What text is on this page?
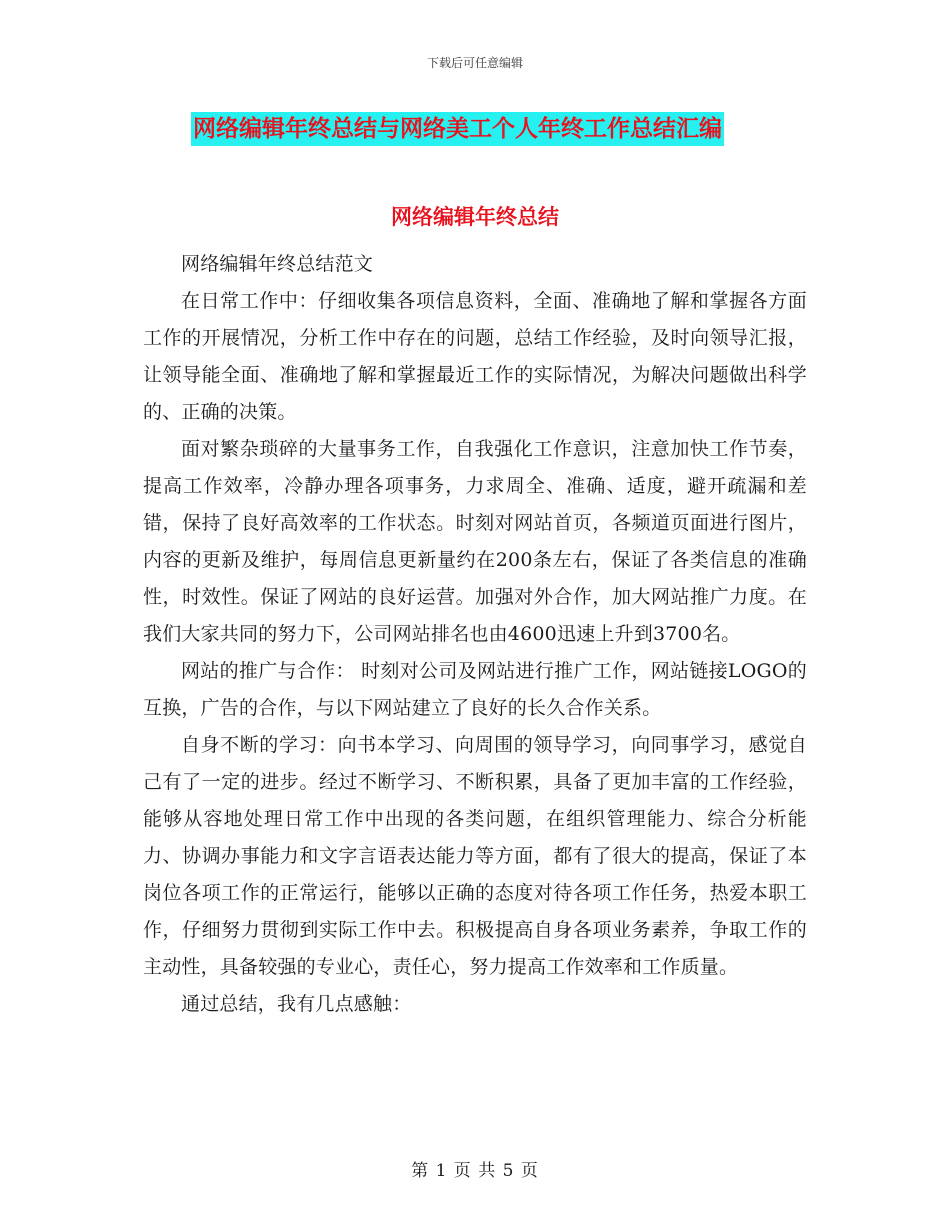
下载后可任意编辑
网络编辑年终总结与网络美工个人年终工作总结汇编
网络编辑年终总结

网络编辑年终总结范文

在日常工作中：仔细收集各项信息资料，全面、准确地了解和掌握各方面工作的开展情况，分析工作中存在的问题，总结工作经验，及时向领导汇报，让领导能全面、准确地了解和掌握最近工作的实际情况，为解决问题做出科学的、正确的决策。

面对繁杂琐碎的大量事务工作，自我强化工作意识，注意加快工作节奏，提高工作效率，冷静办理各项事务，力求周全、准确、适度，避开疏漏和差错，保持了良好高效率的工作状态。时刻对网站首页，各频道页面进行图片，内容的更新及维护，每周信息更新量约在200条左右，保证了各类信息的准确性，时效性。保证了网站的良好运营。加强对外合作，加大网站推广力度。在我们大家共同的努力下，公司网站排名也由4600迅速上升到3700名。

网站的推广与合作： 时刻对公司及网站进行推广工作，网站链接LOGO的互换，广告的合作，与以下网站建立了良好的长久合作关系。

自身不断的学习：向书本学习、向周围的领导学习，向同事学习，感觉自己有了一定的进步。经过不断学习、不断积累，具备了更加丰富的工作经验，能够从容地处理日常工作中出现的各类问题，在组织管理能力、综合分析能力、协调办事能力和文字言语表达能力等方面，都有了很大的提高，保证了本岗位各项工作的正常运行，能够以正确的态度对待各项工作任务，热爱本职工作，仔细努力贯彻到实际工作中去。积极提高自身各项业务素养，争取工作的主动性，具备较强的专业心，责任心，努力提高工作效率和工作质量。

通过总结，我有几点感触：

第 1 页 共 5 页
